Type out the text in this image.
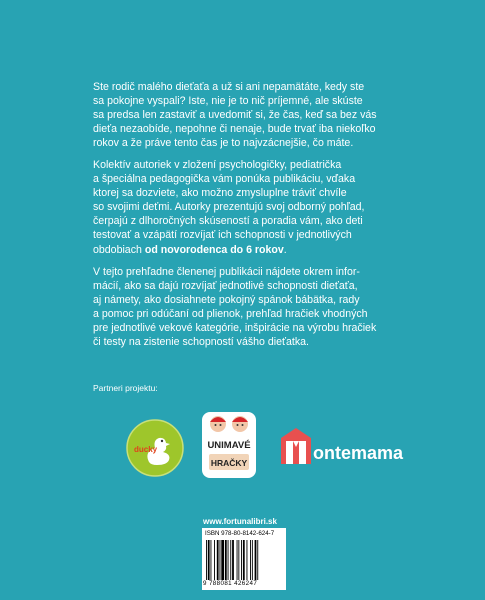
Ste rodič malého dieťaťa a už si ani nepamätáte, kedy ste

sa pokojne vyspali? Iste, nie je to nič príjemné, ale skúste

sa predsa len zastaviť a uvedomiť si, že čas, keď sa bez vás

dieťa nezaobíde, nepohne či nenaje, bude trvať iba niekoľko

rokov a že práve tento čas je to najvzácnejšie, čo máte.

Kolektív autoriek v zložení psychologičky, pediatrička

a špeciálna pedagogička vám ponúka publikáciu, vďaka

ktorej sa dozviete, ako možno zmysluplne tráviť chvíle

so svojimi deťmi. Autorky prezentujú svoj odborný pohľad,

čerpajú z dlhoročných skúseností a poradia vám, ako deti

testovať a vzápätí rozvíjať ich schopnosti v jednotlivých

obdobiach od novorodenca do 6 rokov.

V tejto prehľadne členenej publikácii nájdete okrem infor-

mácií, ako sa dajú rozvíjať jednotlivé schopnosti dieťaťa,

aj námety, ako dosiahnete pokojný spánok bábätka, rady

a pomoc pri odúčaní od plienok, prehľad hračiek vhodných

pre jednotlivé vekové kategórie, inšpirácie na výrobu hračiek

či testy na zistenie schopností vášho dieťatka.

Partneri projektu:
ducky	UNIMAVÉ
HRAČKY	ontemama
www.fortunalibri.sk
ISBN 978-80-8142-624-7
9 788081 426247
